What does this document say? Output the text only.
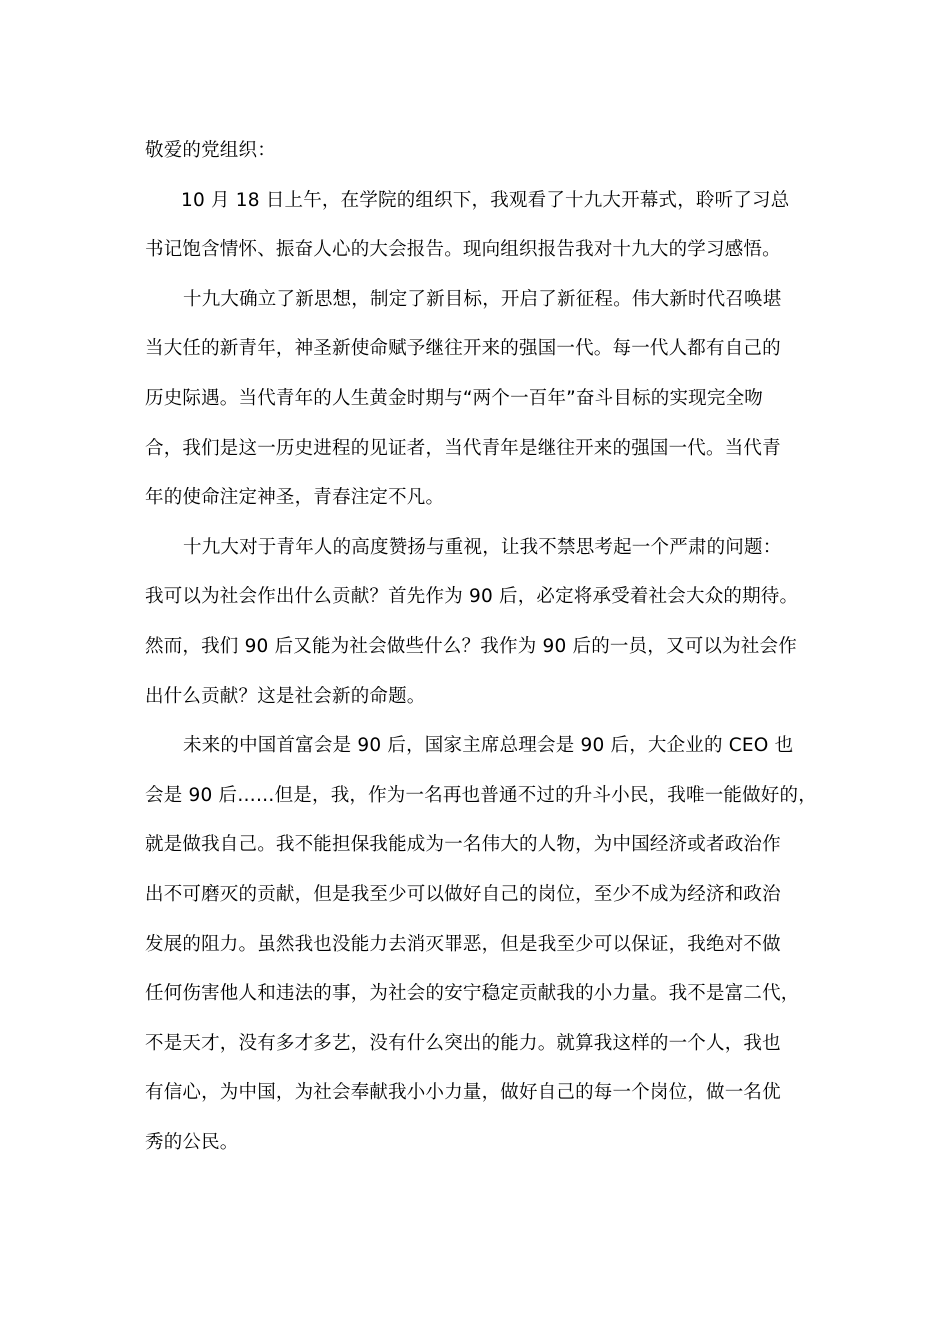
敬爱的党组织：
10 月 18 日上午，在学院的组织下，我观看了十九大开幕式，聆听了习总
书记饱含情怀、振奋人心的大会报告。现向组织报告我对十九大的学习感悟。
十九大确立了新思想，制定了新目标，开启了新征程。伟大新时代召唤堪
当大任的新青年，神圣新使命赋予继往开来的强国一代。每一代人都有自己的
历史际遇。当代青年的人生黄金时期与“两个一百年”奋斗目标的实现完全吻
合，我们是这一历史进程的见证者，当代青年是继往开来的强国一代。当代青
年的使命注定神圣，青春注定不凡。
十九大对于青年人的高度赞扬与重视，让我不禁思考起一个严肃的问题：
我可以为社会作出什么贡献？首先作为 90 后，必定将承受着社会大众的期待。
然而，我们 90 后又能为社会做些什么？我作为 90 后的一员，又可以为社会作
出什么贡献？这是社会新的命题。
未来的中国首富会是 90 后，国家主席总理会是 90 后，大企业的 CEO 也
会是 90 后……但是，我，作为一名再也普通不过的升斗小民，我唯一能做好的，
就是做我自己。我不能担保我能成为一名伟大的人物，为中国经济或者政治作
出不可磨灭的贡献，但是我至少可以做好自己的岗位，至少不成为经济和政治
发展的阻力。虽然我也没能力去消灭罪恶，但是我至少可以保证，我绝对不做
任何伤害他人和违法的事，为社会的安宁稳定贡献我的小力量。我不是富二代，
不是天才，没有多才多艺，没有什么突出的能力。就算我这样的一个人，我也
有信心，为中国，为社会奉献我小小力量，做好自己的每一个岗位，做一名优
秀的公民。
